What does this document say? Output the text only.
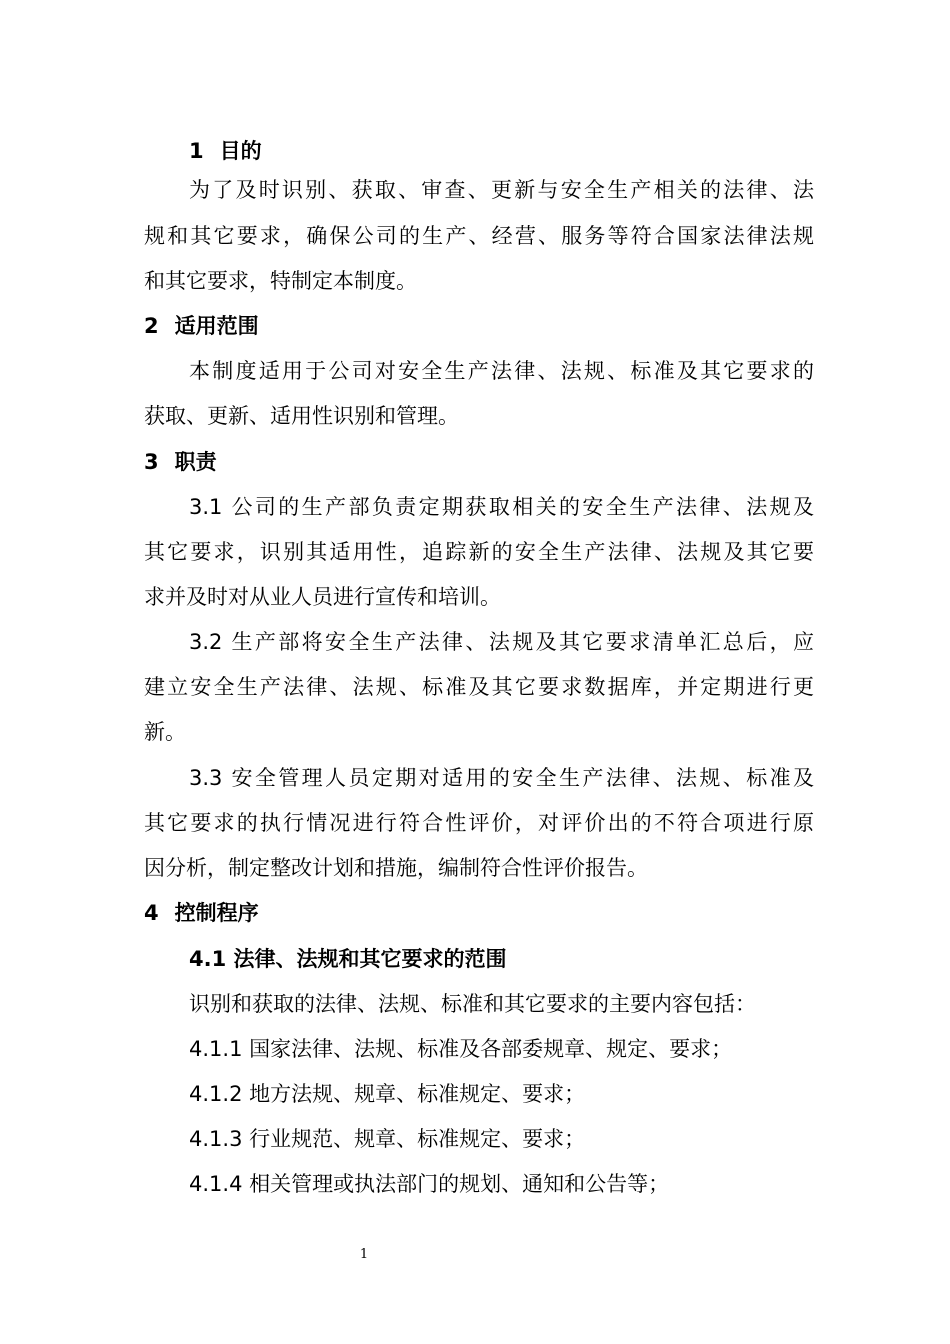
1 目的
为了及时识别、获取、审查、更新与安全生产相关的法律、法
规和其它要求，确保公司的生产、经营、服务等符合国家法律法规
和其它要求，特制定本制度。
2 适用范围
本制度适用于公司对安全生产法律、法规、标准及其它要求的
获取、更新、适用性识别和管理。
3 职责
3.1 公司的生产部负责定期获取相关的安全生产法律、法规及
其它要求，识别其适用性，追踪新的安全生产法律、法规及其它要
求并及时对从业人员进行宣传和培训。
3.2 生产部将安全生产法律、法规及其它要求清单汇总后，应
建立安全生产法律、法规、标准及其它要求数据库，并定期进行更
新。
3.3 安全管理人员定期对适用的安全生产法律、法规、标准及
其它要求的执行情况进行符合性评价，对评价出的不符合项进行原
因分析，制定整改计划和措施，编制符合性评价报告。
4 控制程序
4.1 法律、法规和其它要求的范围
识别和获取的法律、法规、标准和其它要求的主要内容包括：
4.1.1 国家法律、法规、标准及各部委规章、规定、要求；
4.1.2 地方法规、规章、标准规定、要求；
4.1.3 行业规范、规章、标准规定、要求；
4.1.4 相关管理或执法部门的规划、通知和公告等；
1
